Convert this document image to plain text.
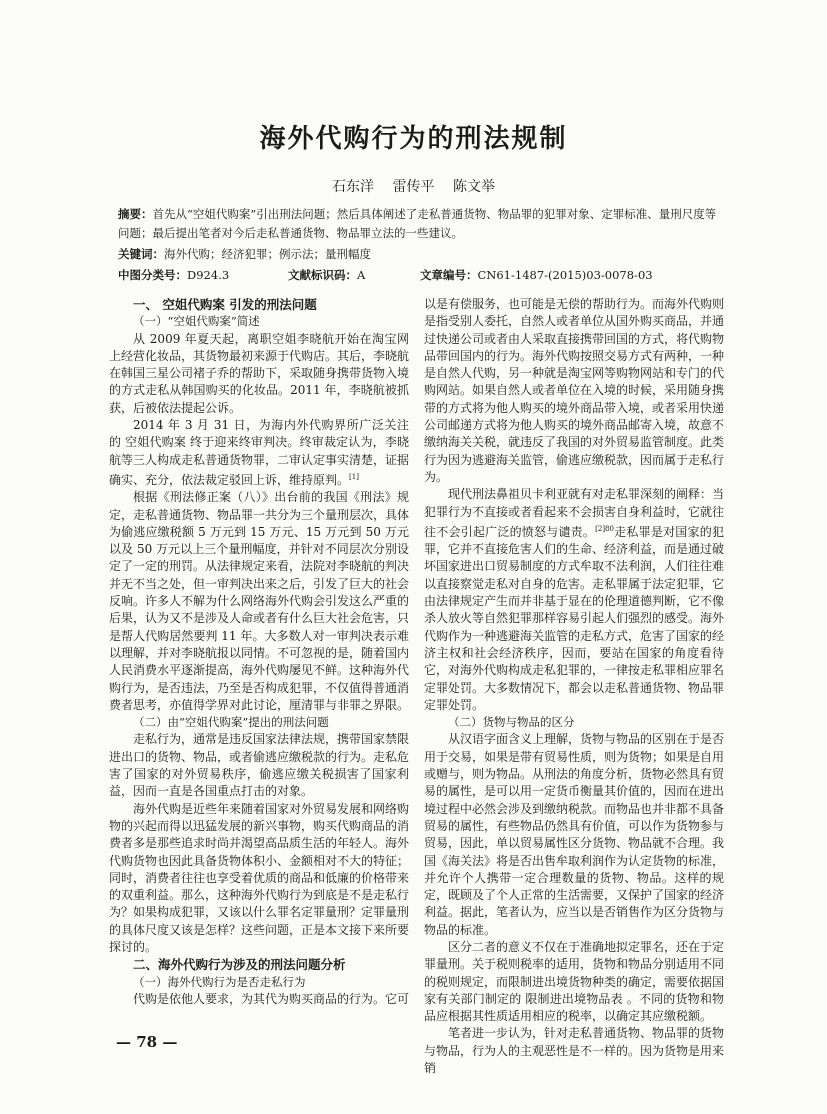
海外代购行为的刑法规制
石东洋 雷传平 陈文举
摘要：首先从“空姐代购案”引出刑法问题；然后具体阐述了走私普通货物、物品罪的犯罪对象、定罪标准、量刑尺度等问题；最后提出笔者对今后走私普通货物、物品罪立法的一些建议。
关键词：海外代购；经济犯罪；例示法；量刑幅度
中图分类号：D924.3	文献标识码：A	文章编号：CN61-1487-(2015)03-0078-03

一、 空姐代购案 引发的刑法问题

（一）“空姐代购案”简述

从 2009 年夏天起，离职空姐李晓航开始在淘宝网上经营化妆品，其货物最初来源于代购店。其后，李晓航在韩国三星公司褚子乔的帮助下，采取随身携带货物入境的方式走私从韩国购买的化妆品。2011 年，李晓航被抓获，后被依法提起公诉。

2014 年 3 月 31 日，为海内外代购界所广泛关注的 空姐代购案 终于迎来终审判决。终审裁定认为，李晓航等三人构成走私普通货物罪，二审认定事实清楚，证据确实、充分，依法裁定驳回上诉，维持原判。[1]

根据《刑法修正案（八）》出台前的我国《刑法》规定，走私普通货物、物品罪一共分为三个量刑层次，具体为偷逃应缴税额 5 万元到 15 万元、15 万元到 50 万元以及 50 万元以上三个量刑幅度，并针对不同层次分别设定了一定的刑罚。从法律规定来看，法院对李晓航的判决并无不当之处，但一审判决出来之后，引发了巨大的社会反响。许多人不解为什么网络海外代购会引发这么严重的后果，认为又不是涉及人命或者有什么巨大社会危害，只是帮人代购居然要判 11 年。大多数人对一审判决表示难以理解，并对李晓航报以同情。不可忽视的是，随着国内人民消费水平逐渐提高，海外代购屡见不鲜。这种海外代购行为，是否违法，乃至是否构成犯罪，不仅值得普通消费者思考，亦值得学界对此讨论，厘清罪与非罪之界限。

（二）由“空姐代购案”提出的刑法问题

走私行为，通常是违反国家法律法规，携带国家禁限进出口的货物、物品，或者偷逃应缴税款的行为。走私危害了国家的对外贸易秩序，偷逃应缴关税损害了国家利益，因而一直是各国重点打击的对象。

海外代购是近些年来随着国家对外贸易发展和网络购物的兴起而得以迅猛发展的新兴事物，购买代购商品的消费者多是那些追求时尚并渴望高品质生活的年轻人。海外代购货物也因此具备货物体积小、金额相对不大的特征；同时，消费者往往也享受着优质的商品和低廉的价格带来的双重利益。那么，这种海外代购行为到底是不是走私行为？如果构成犯罪，又该以什么罪名定罪量刑？定罪量刑的具体尺度又该是怎样？这些问题，正是本文接下来所要探讨的。

二、海外代购行为涉及的刑法问题分析

（一）海外代购行为是否走私行为

代购是依他人要求，为其代为购买商品的行为。它可

以是有偿服务，也可能是无偿的帮助行为。而海外代购则是指受别人委托，自然人或者单位从国外购买商品，并通过快递公司或者由人采取直接携带回国的方式，将代购物品带回国内的行为。海外代购按照交易方式有两种，一种是自然人代购，另一种就是淘宝网等购物网站和专门的代购网站。如果自然人或者单位在入境的时候，采用随身携带的方式将为他人购买的境外商品带入境，或者采用快递公司邮递方式将为他人购买的境外商品邮寄入境，故意不缴纳海关关税，就违反了我国的对外贸易监管制度。此类行为因为逃避海关监管，偷逃应缴税款，因而属于走私行为。

现代刑法鼻祖贝卡利亚就有对走私罪深刻的阐释：当犯罪行为不直接或者看起来不会损害自身利益时，它就往往不会引起广泛的愤怒与谴责。$^{[2]80}$走私罪是对国家的犯罪，它并不直接危害人们的生命、经济利益，而是通过破坏国家进出口贸易制度的方式牟取不法利润，人们往往难以直接察觉走私对自身的危害。走私罪属于法定犯罪，它由法律规定产生而并非基于显在的伦理道德判断，它不像杀人放火等自然犯罪那样容易引起人们强烈的感受。海外代购作为一种逃避海关监管的走私方式，危害了国家的经济主权和社会经济秩序，因而，要站在国家的角度看待它，对海外代购构成走私犯罪的，一律按走私罪相应罪名定罪处罚。大多数情况下，都会以走私普通货物、物品罪定罪处罚。

（二）货物与物品的区分

从汉语字面含义上理解，货物与物品的区别在于是否用于交易，如果是带有贸易性质，则为货物；如果是自用或赠与，则为物品。从刑法的角度分析，货物必然具有贸易的属性，是可以用一定货币衡量其价值的，因而在进出境过程中必然会涉及到缴纳税款。而物品也并非都不具备贸易的属性，有些物品仍然具有价值，可以作为货物参与贸易，因此，单以贸易属性区分货物、物品就不合理。我国《海关法》将是否出售牟取利润作为认定货物的标准，并允许个人携带一定合理数量的货物、物品。这样的规定，既顾及了个人正常的生活需要，又保护了国家的经济利益。据此，笔者认为，应当以是否销售作为区分货物与物品的标准。

区分二者的意义不仅在于准确地拟定罪名，还在于定罪量刑。关于税则税率的适用，货物和物品分别适用不同的税则规定，而限制进出境货物种类的确定，需要依据国家有关部门制定的 限制进出境物品表 。不同的货物和物品应根据其性质适用相应的税率，以确定其应缴税额。

笔者进一步认为，针对走私普通货物、物品罪的货物与物品，行为人的主观恶性是不一样的。因为货物是用来销

— 78 —
